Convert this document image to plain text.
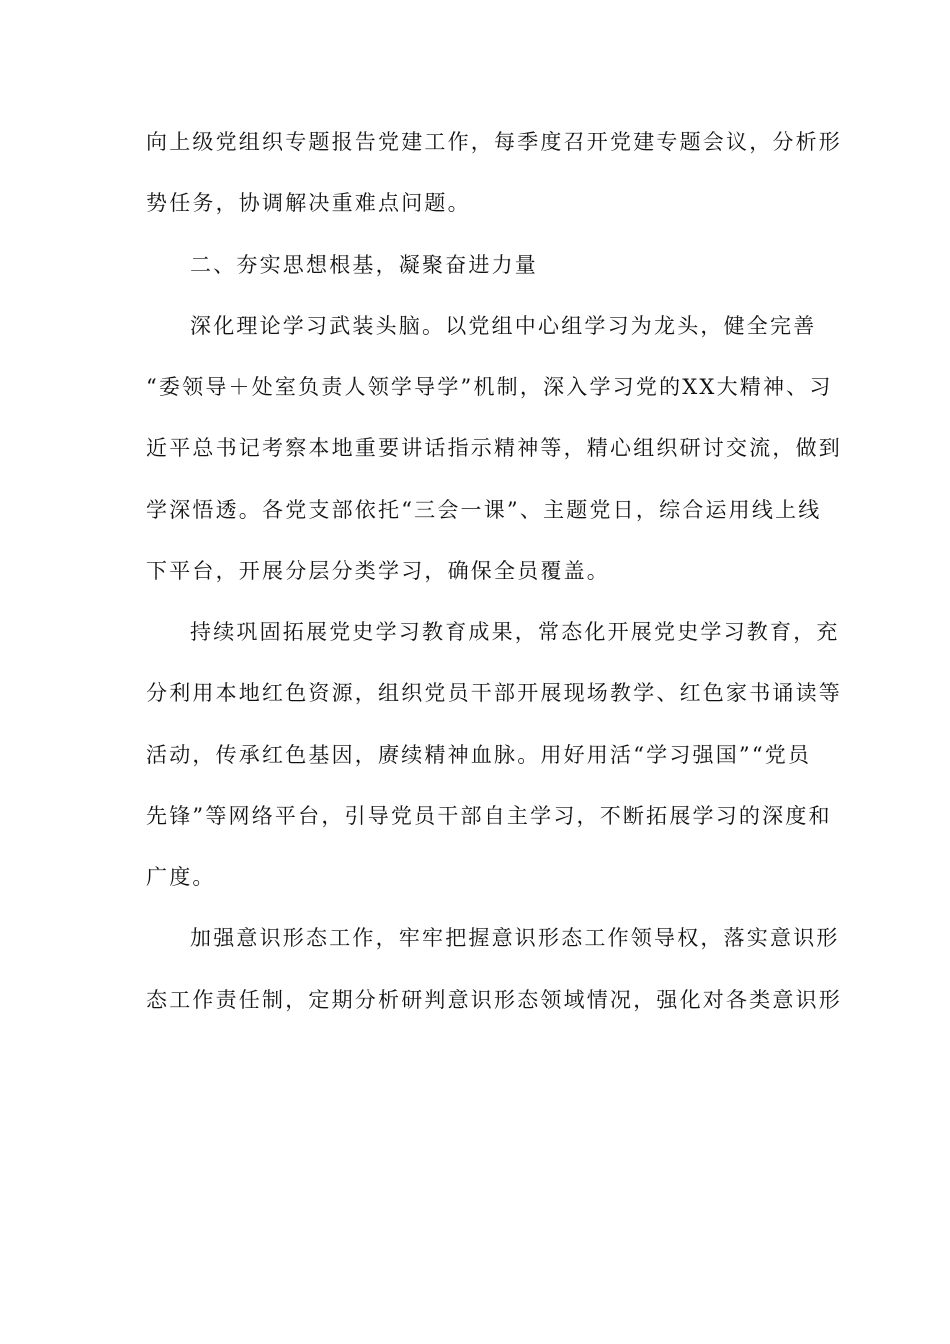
向上级党组织专题报告党建工作，每季度召开党建专题会议，分析形
势任务，协调解决重难点问题。
二、夯实思想根基，凝聚奋进力量
深化理论学习武装头脑。以党组中心组学习为龙头，健全完善
“委领导＋处室负责人领学导学”机制，深入学习党的XX大精神、习
近平总书记考察本地重要讲话指示精神等，精心组织研讨交流，做到
学深悟透。各党支部依托“三会一课”、主题党日，综合运用线上线
下平台，开展分层分类学习，确保全员覆盖。
持续巩固拓展党史学习教育成果，常态化开展党史学习教育，充
分利用本地红色资源，组织党员干部开展现场教学、红色家书诵读等
活动，传承红色基因，赓续精神血脉。用好用活“学习强国”“党员
先锋”等网络平台，引导党员干部自主学习，不断拓展学习的深度和
广度。
加强意识形态工作，牢牢把握意识形态工作领导权，落实意识形
态工作责任制，定期分析研判意识形态领域情况，强化对各类意识形
